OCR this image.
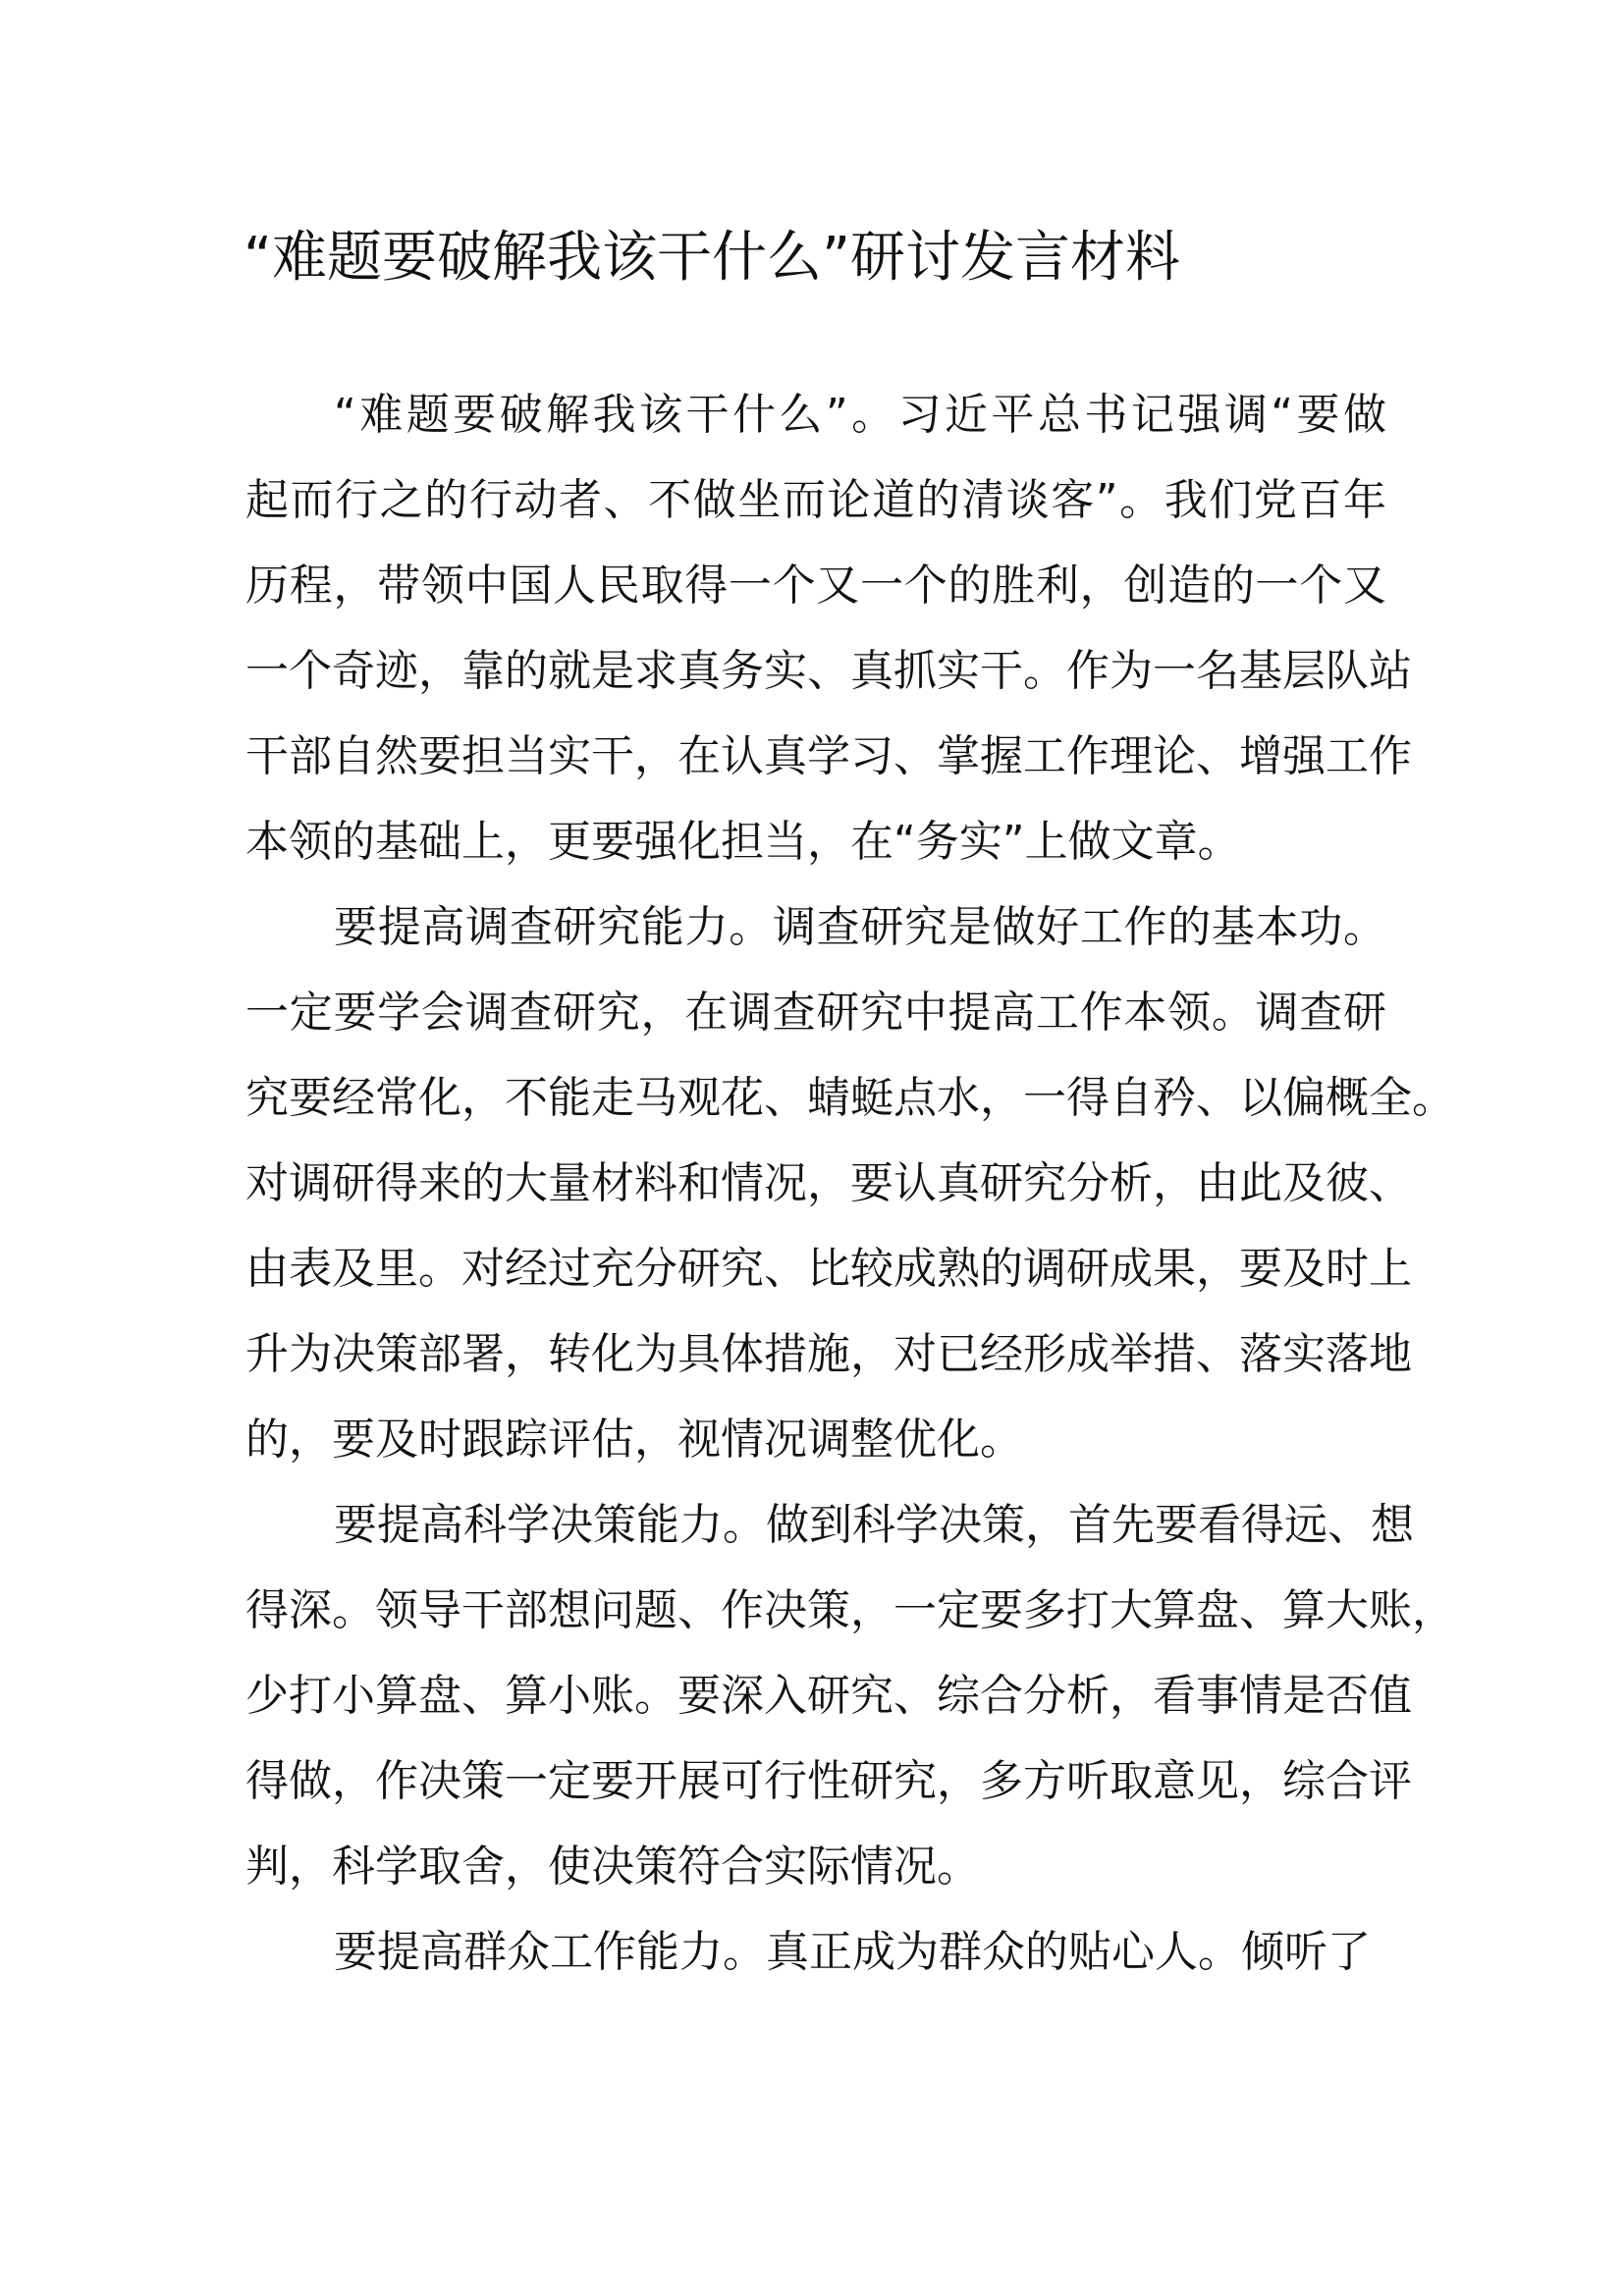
“难题要破解我该干什么”研讨发言材料

“难题要破解我该干什么”。习近平总书记强调“要做
起而行之的行动者、不做坐而论道的清谈客”。我们党百年
历程，带领中国人民取得一个又一个的胜利，创造的一个又
一个奇迹，靠的就是求真务实、真抓实干。作为一名基层队站
干部自然要担当实干，在认真学习、掌握工作理论、增强工作
本领的基础上，更要强化担当，在“务实”上做文章。

要提高调查研究能力。调查研究是做好工作的基本功。
一定要学会调查研究，在调查研究中提高工作本领。调查研
究要经常化，不能走马观花、蜻蜓点水，一得自矜、以偏概全。
对调研得来的大量材料和情况，要认真研究分析，由此及彼、
由表及里。对经过充分研究、比较成熟的调研成果，要及时上
升为决策部署，转化为具体措施，对已经形成举措、落实落地
的，要及时跟踪评估，视情况调整优化。

要提高科学决策能力。做到科学决策，首先要看得远、想
得深。领导干部想问题、作决策，一定要多打大算盘、算大账，
少打小算盘、算小账。要深入研究、综合分析，看事情是否值
得做，作决策一定要开展可行性研究，多方听取意见，综合评
判，科学取舍，使决策符合实际情况。

要提高群众工作能力。真正成为群众的贴心人。倾听了
